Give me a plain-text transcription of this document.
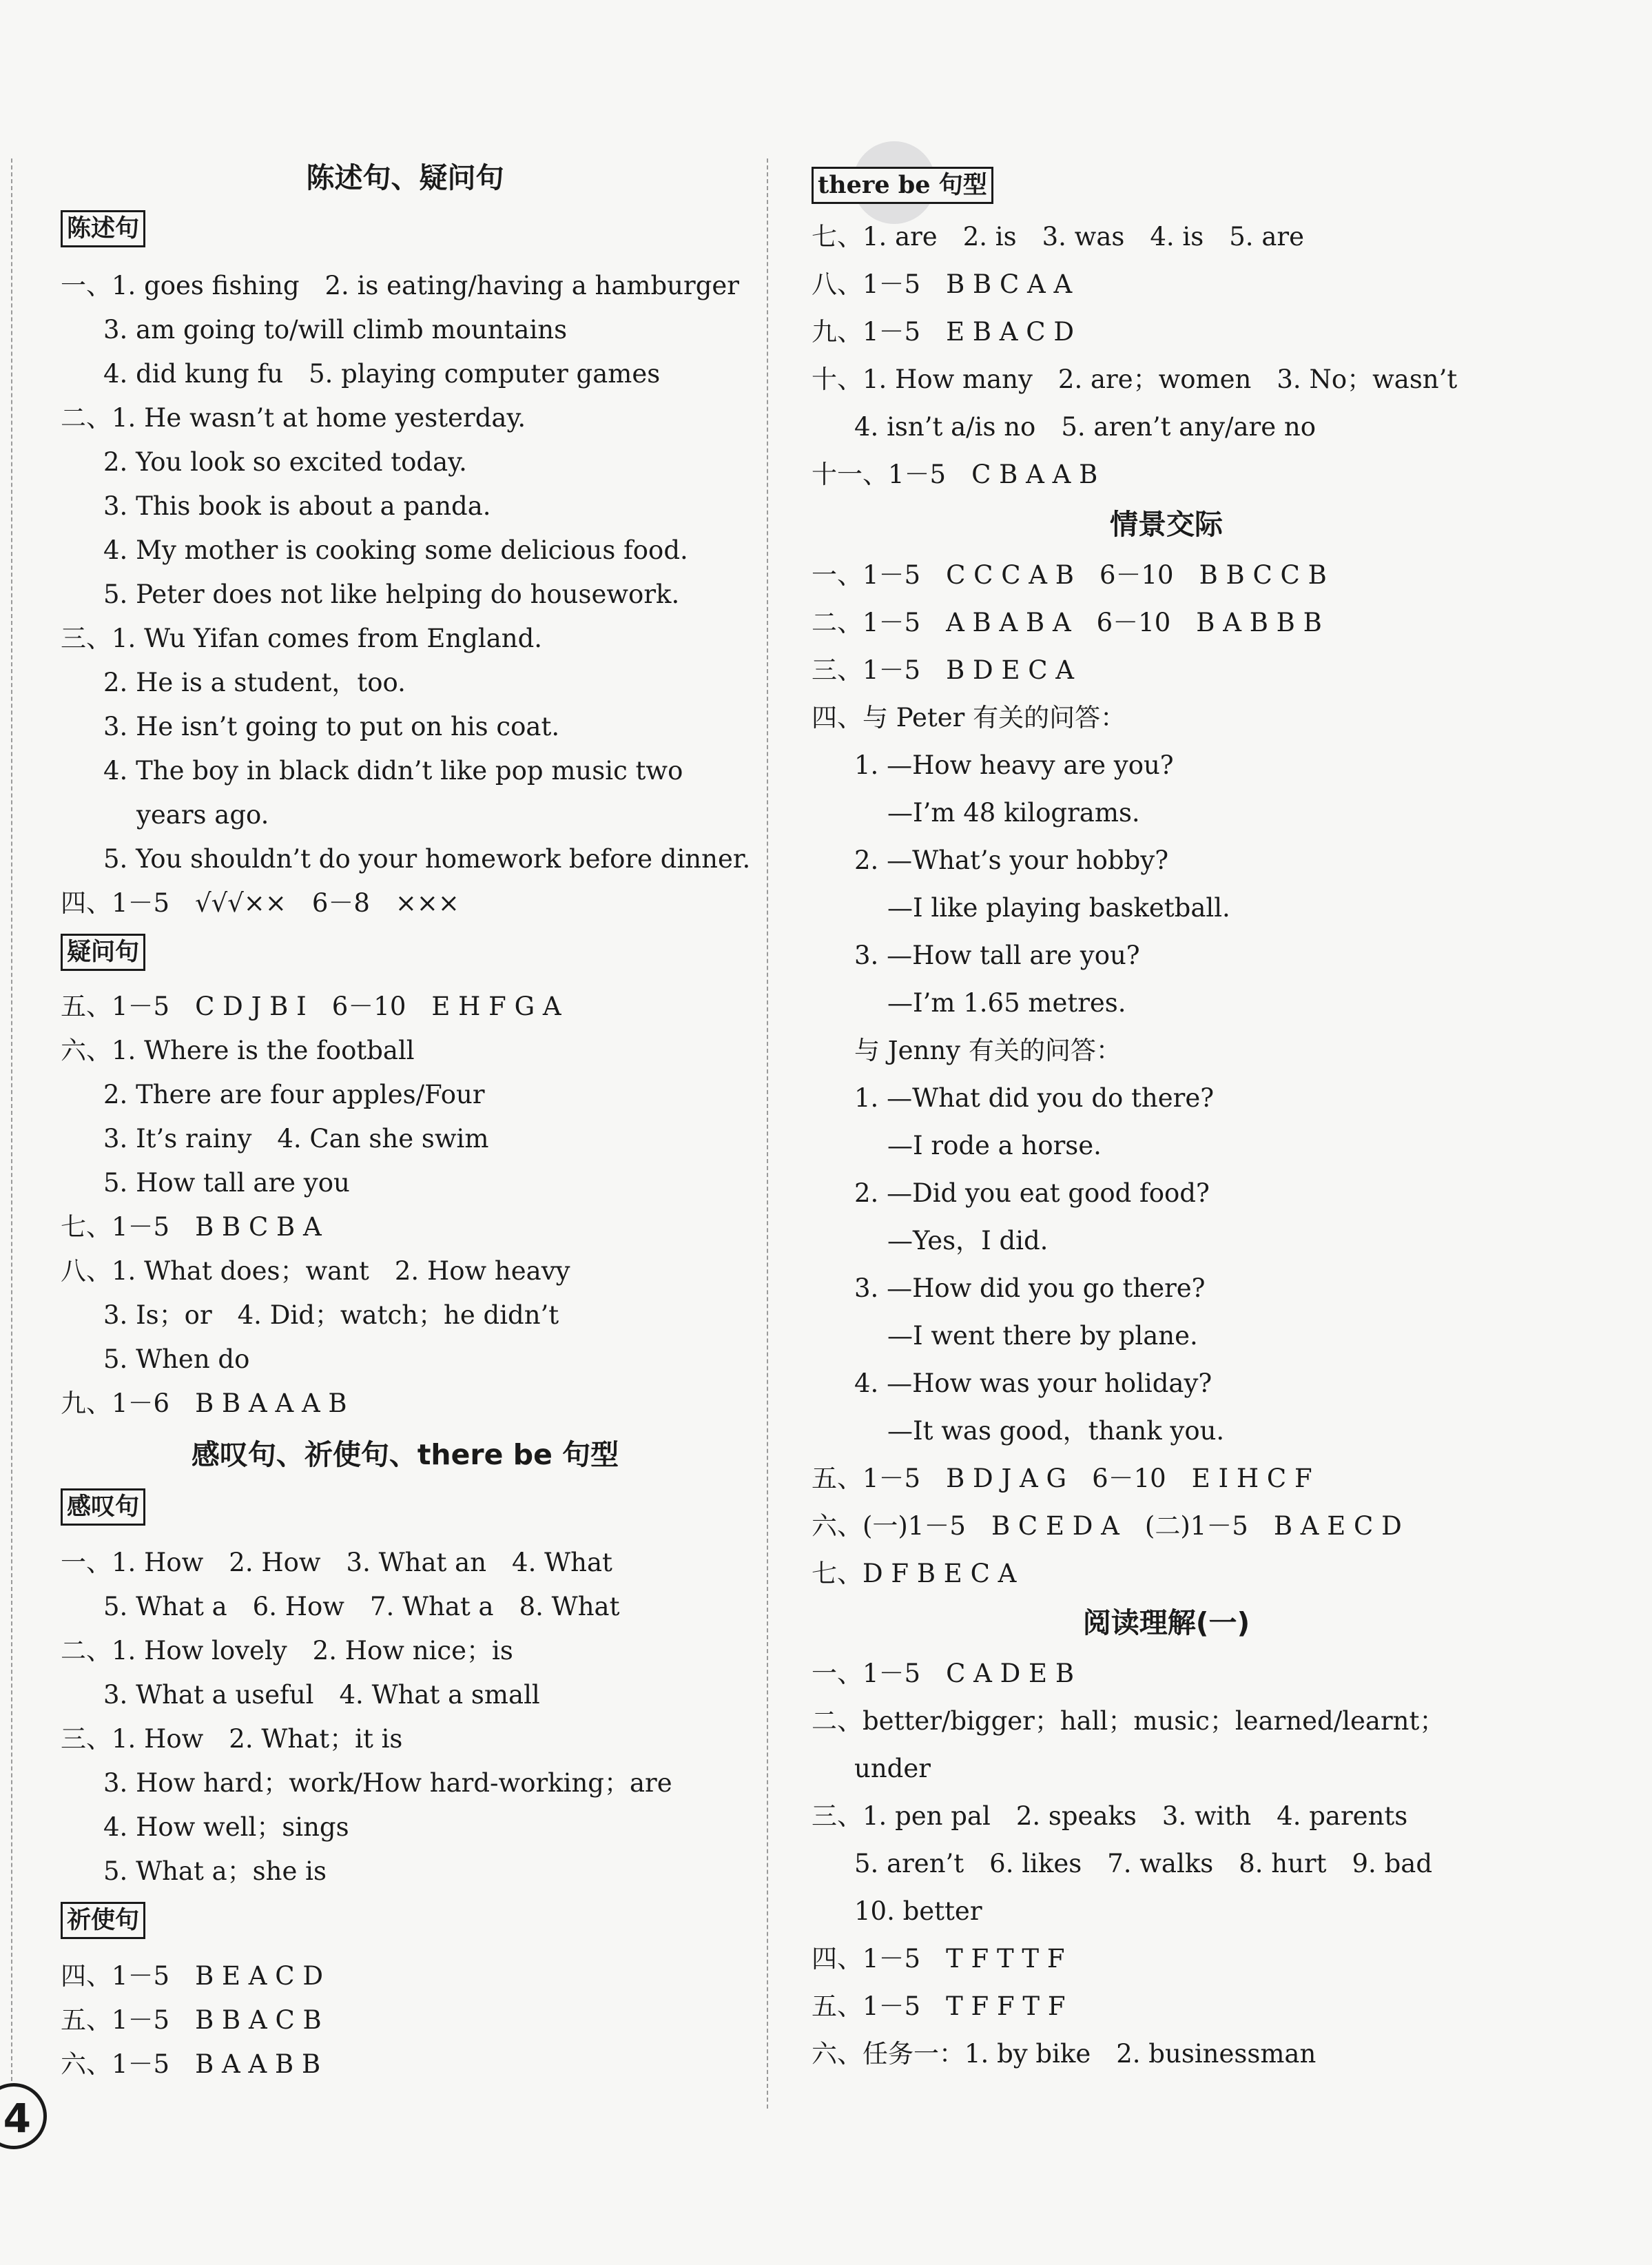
陈述句、疑问句
陈述句
一、1. goes fishing　2. is eating/having a hamburger
3. am going to/will climb mountains
4. did kung fu　5. playing computer games
二、1. He wasn’t at home yesterday.
2. You look so excited today.
3. This book is about a panda.
4. My mother is cooking some delicious food.
5. Peter does not like helping do housework.
三、1. Wu Yifan comes from England.
2. He is a student，too.
3. He isn’t going to put on his coat.
4. The boy in black didn’t like pop music two
years ago.
5. You shouldn’t do your homework before dinner.
四、1－5　√√√××　6－8　×××
疑问句
五、1－5　C D J B I　6－10　E H F G A
六、1. Where is the football
2. There are four apples/Four
3. It’s rainy　4. Can she swim
5. How tall are you
七、1－5　B B C B A
八、1. What does；want　2. How heavy
3. Is；or　4. Did；watch；he didn’t
5. When do
九、1－6　B B A A A B
感叹句、祈使句、there be 句型
感叹句
一、1. How　2. How　3. What an　4. What
5. What a　6. How　7. What a　8. What
二、1. How lovely　2. How nice；is
3. What a useful　4. What a small
三、1. How　2. What；it is
3. How hard；work/How hard-working；are
4. How well；sings
5. What a；she is
祈使句
四、1－5　B E A C D
五、1－5　B B A C B
六、1－5　B A A B B
there be 句型
七、1. are　2. is　3. was　4. is　5. are
八、1－5　B B C A A
九、1－5　E B A C D
十、1. How many　2. are；women　3. No；wasn’t
4. isn’t a/is no　5. aren’t any/are no
十一、1－5　C B A A B
情景交际
一、1－5　C C C A B　6－10　B B C C B
二、1－5　A B A B A　6－10　B A B B B
三、1－5　B D E C A
四、与 Peter 有关的问答：
1. —How heavy are you?
—I’m 48 kilograms.
2. —What’s your hobby?
—I like playing basketball.
3. —How tall are you?
—I’m 1.65 metres.
与 Jenny 有关的问答：
1. —What did you do there?
—I rode a horse.
2. —Did you eat good food?
—Yes，I did.
3. —How did you go there?
—I went there by plane.
4. —How was your holiday?
—It was good，thank you.
五、1－5　B D J A G　6－10　E I H C F
六、(一)1－5　B C E D A　(二)1－5　B A E C D
七、D F B E C A
阅读理解(一)
一、1－5　C A D E B
二、better/bigger；hall；music；learned/learnt；
under
三、1. pen pal　2. speaks　3. with　4. parents
5. aren’t　6. likes　7. walks　8. hurt　9. bad
10. better
四、1－5　T F T T F
五、1－5　T F F T F
六、任务一：1. by bike　2. businessman
4
